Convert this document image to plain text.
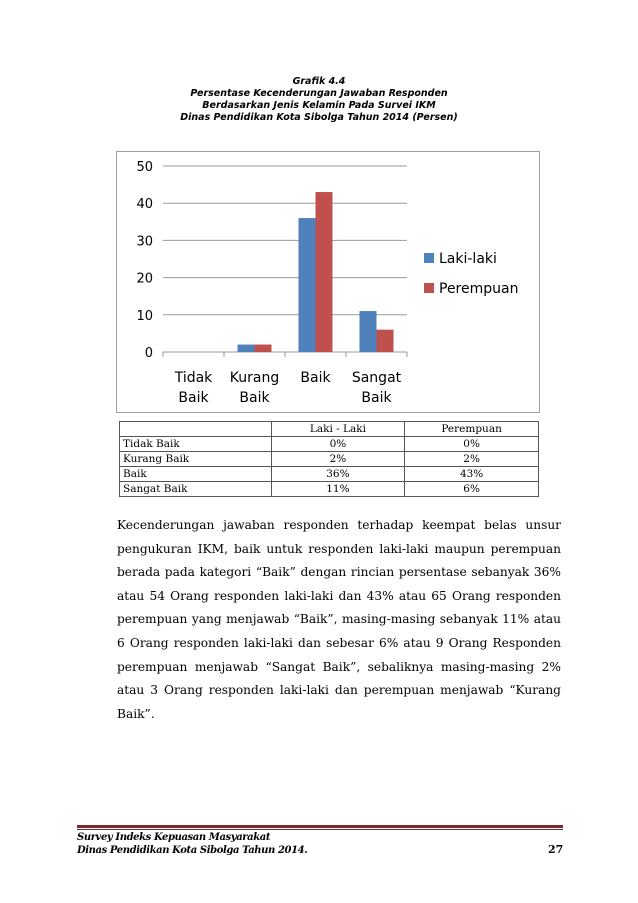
Grafik 4.4
Persentase Kecenderungan Jawaban Responden
Berdasarkan Jenis Kelamin Pada Survei IKM
Dinas Pendidikan Kota Sibolga Tahun 2014 (Persen)
0
10
20
30
40
50
Tidak Baik
Kurang Baik
Baik Sangat Baik
Laki-laki
Perempuan
	Laki - Laki	Perempuan
Tidak Baik	0%	0%
Kurang Baik	2%	2%
Baik	36%	43%
Sangat Baik	11%	6%

Kecenderungan jawaban responden terhadap keempat belas unsur pengukuran IKM, baik untuk responden laki-laki maupun perempuan berada pada kategori “Baik” dengan rincian persentase sebanyak 36% atau 54 Orang responden laki-laki dan 43% atau 65 Orang responden perempuan yang menjawab “Baik”, masing-masing sebanyak 11% atau 6 Orang responden laki-laki dan sebesar 6% atau 9 Orang Responden perempuan menjawab “Sangat Baik”, sebaliknya masing-masing 2% atau 3 Orang responden laki-laki dan perempuan menjawab “Kurang Baik”.

Survey Indeks Kepuasan Masyarakat
Dinas Pendidikan Kota Sibolga Tahun 2014.	27
